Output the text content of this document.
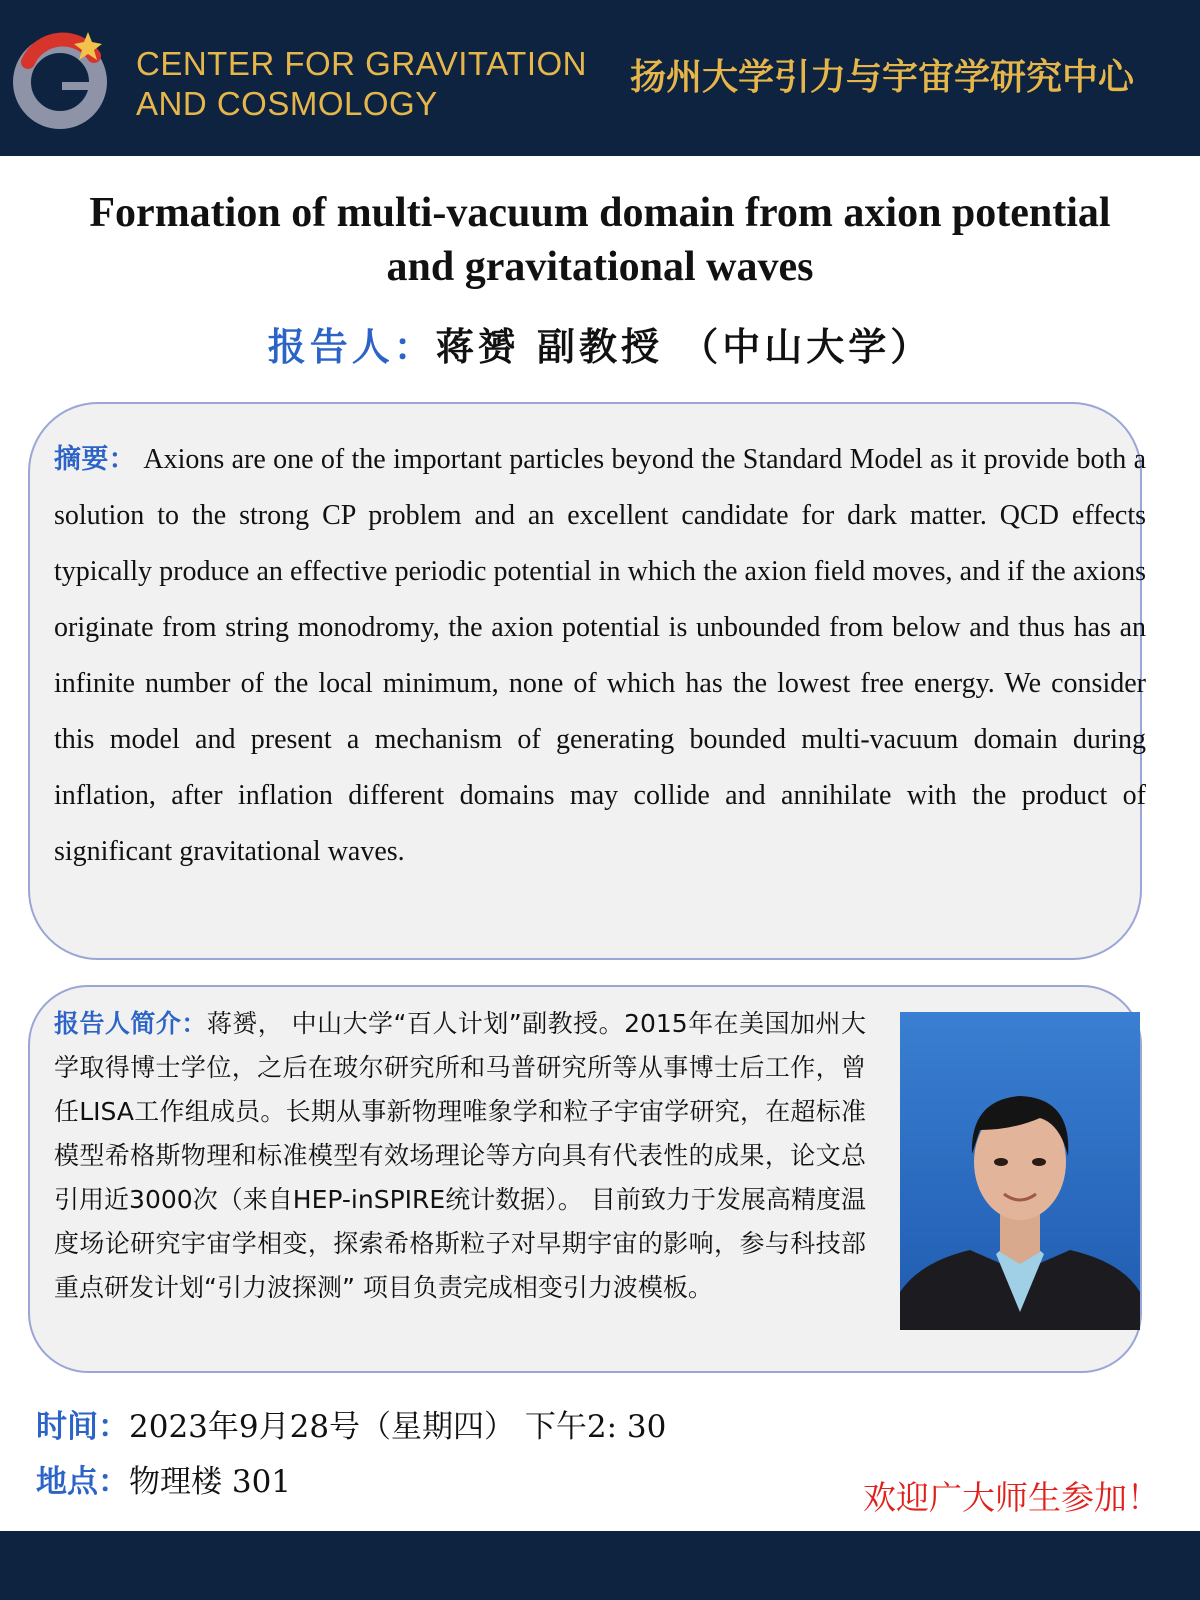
CENTER FOR GRAVITATION
AND COSMOLOGY
扬州大学引力与宇宙学研究中心
Formation of multi-vacuum domain from axion potential and gravitational waves
报告人：蒋赟 副教授 （中山大学）
摘要： Axions are one of the important particles beyond the Standard Model as it provide both a solution to the strong CP problem and an excellent candidate for dark matter. QCD effects typically produce an effective periodic potential in which the axion field moves, and if the axions originate from string monodromy, the axion potential is unbounded from below and thus has an infinite number of the local minimum, none of which has the lowest free energy. We consider this model and present a mechanism of generating bounded multi-vacuum domain during inflation, after inflation different domains may collide and annihilate with the product of significant gravitational waves.
报告人简介：蒋赟， 中山大学“百人计划”副教授。2015年在美国加州大学取得博士学位，之后在玻尔研究所和马普研究所等从事博士后工作，曾任LISA工作组成员。长期从事新物理唯象学和粒子宇宙学研究，在超标准模型希格斯物理和标准模型有效场理论等方向具有代表性的成果，论文总引用近3000次（来自HEP-inSPIRE统计数据）。 目前致力于发展高精度温度场论研究宇宙学相变，探索希格斯粒子对早期宇宙的影响，参与科技部重点研发计划“引力波探测” 项目负责完成相变引力波模板。
时间：2023年9月28号（星期四） 下午2: 30
地点：物理楼 301	欢迎广大师生参加！
